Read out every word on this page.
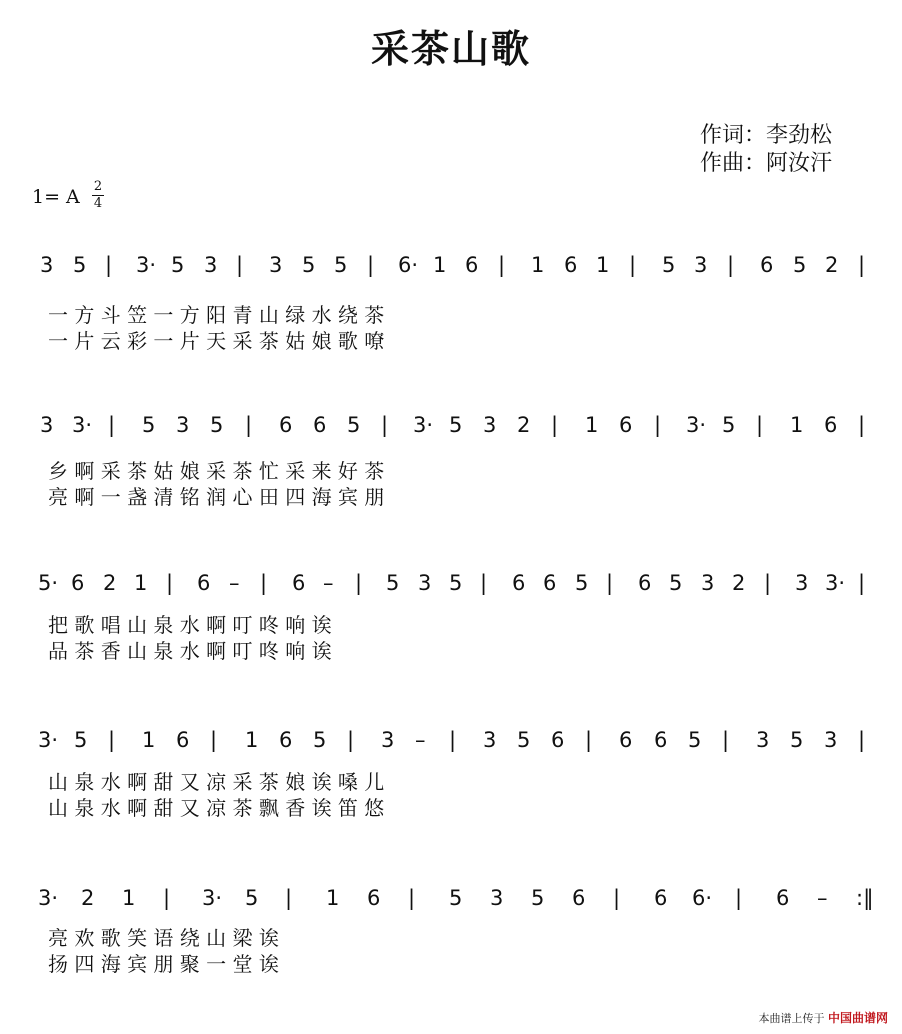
采茶山歌
作词：李劲松
作曲：阿汝汗
1= A 2
4
3 5 | 3· 5 3 | 3 5 5 | 6· 1 6 | 1 6 1 | 5 3 | 6 5 2 |
一 方 斗 笠 一 方 阳 青 山 绿 水 绕 茶
一 片 云 彩 一 片 天 采 茶 姑 娘 歌 嘹
3 3· | 5 3 5 | 6 6 5 | 3· 5 3 2 | 1 6 | 3· 5 | 1 6 |
乡 啊 采 茶 姑 娘 采 茶 忙 采 来 好 茶
亮 啊 一 盏 清 铭 润 心 田 四 海 宾 朋
5· 6 2 1 | 6 – | 6 – | 5 3 5 | 6 6 5 | 6 5 3 2 | 3 3· |
把 歌 唱 山 泉 水 啊 叮 咚 响 诶
品 茶 香 山 泉 水 啊 叮 咚 响 诶
3· 5 | 1 6 | 1 6 5 | 3 – | 3 5 6 | 6 6 5 | 3 5 3 |
山 泉 水 啊 甜 又 凉 采 茶 娘 诶 嗓 儿
山 泉 水 啊 甜 又 凉 茶 飘 香 诶 笛 悠
3· 2 1 | 3· 5 | 1 6 | 5 3 5 6 | 6 6· | 6 – :‖
亮 欢 歌 笑 语 绕 山 梁 诶
扬 四 海 宾 朋 聚 一 堂 诶
本曲谱上传于 中国曲谱网
